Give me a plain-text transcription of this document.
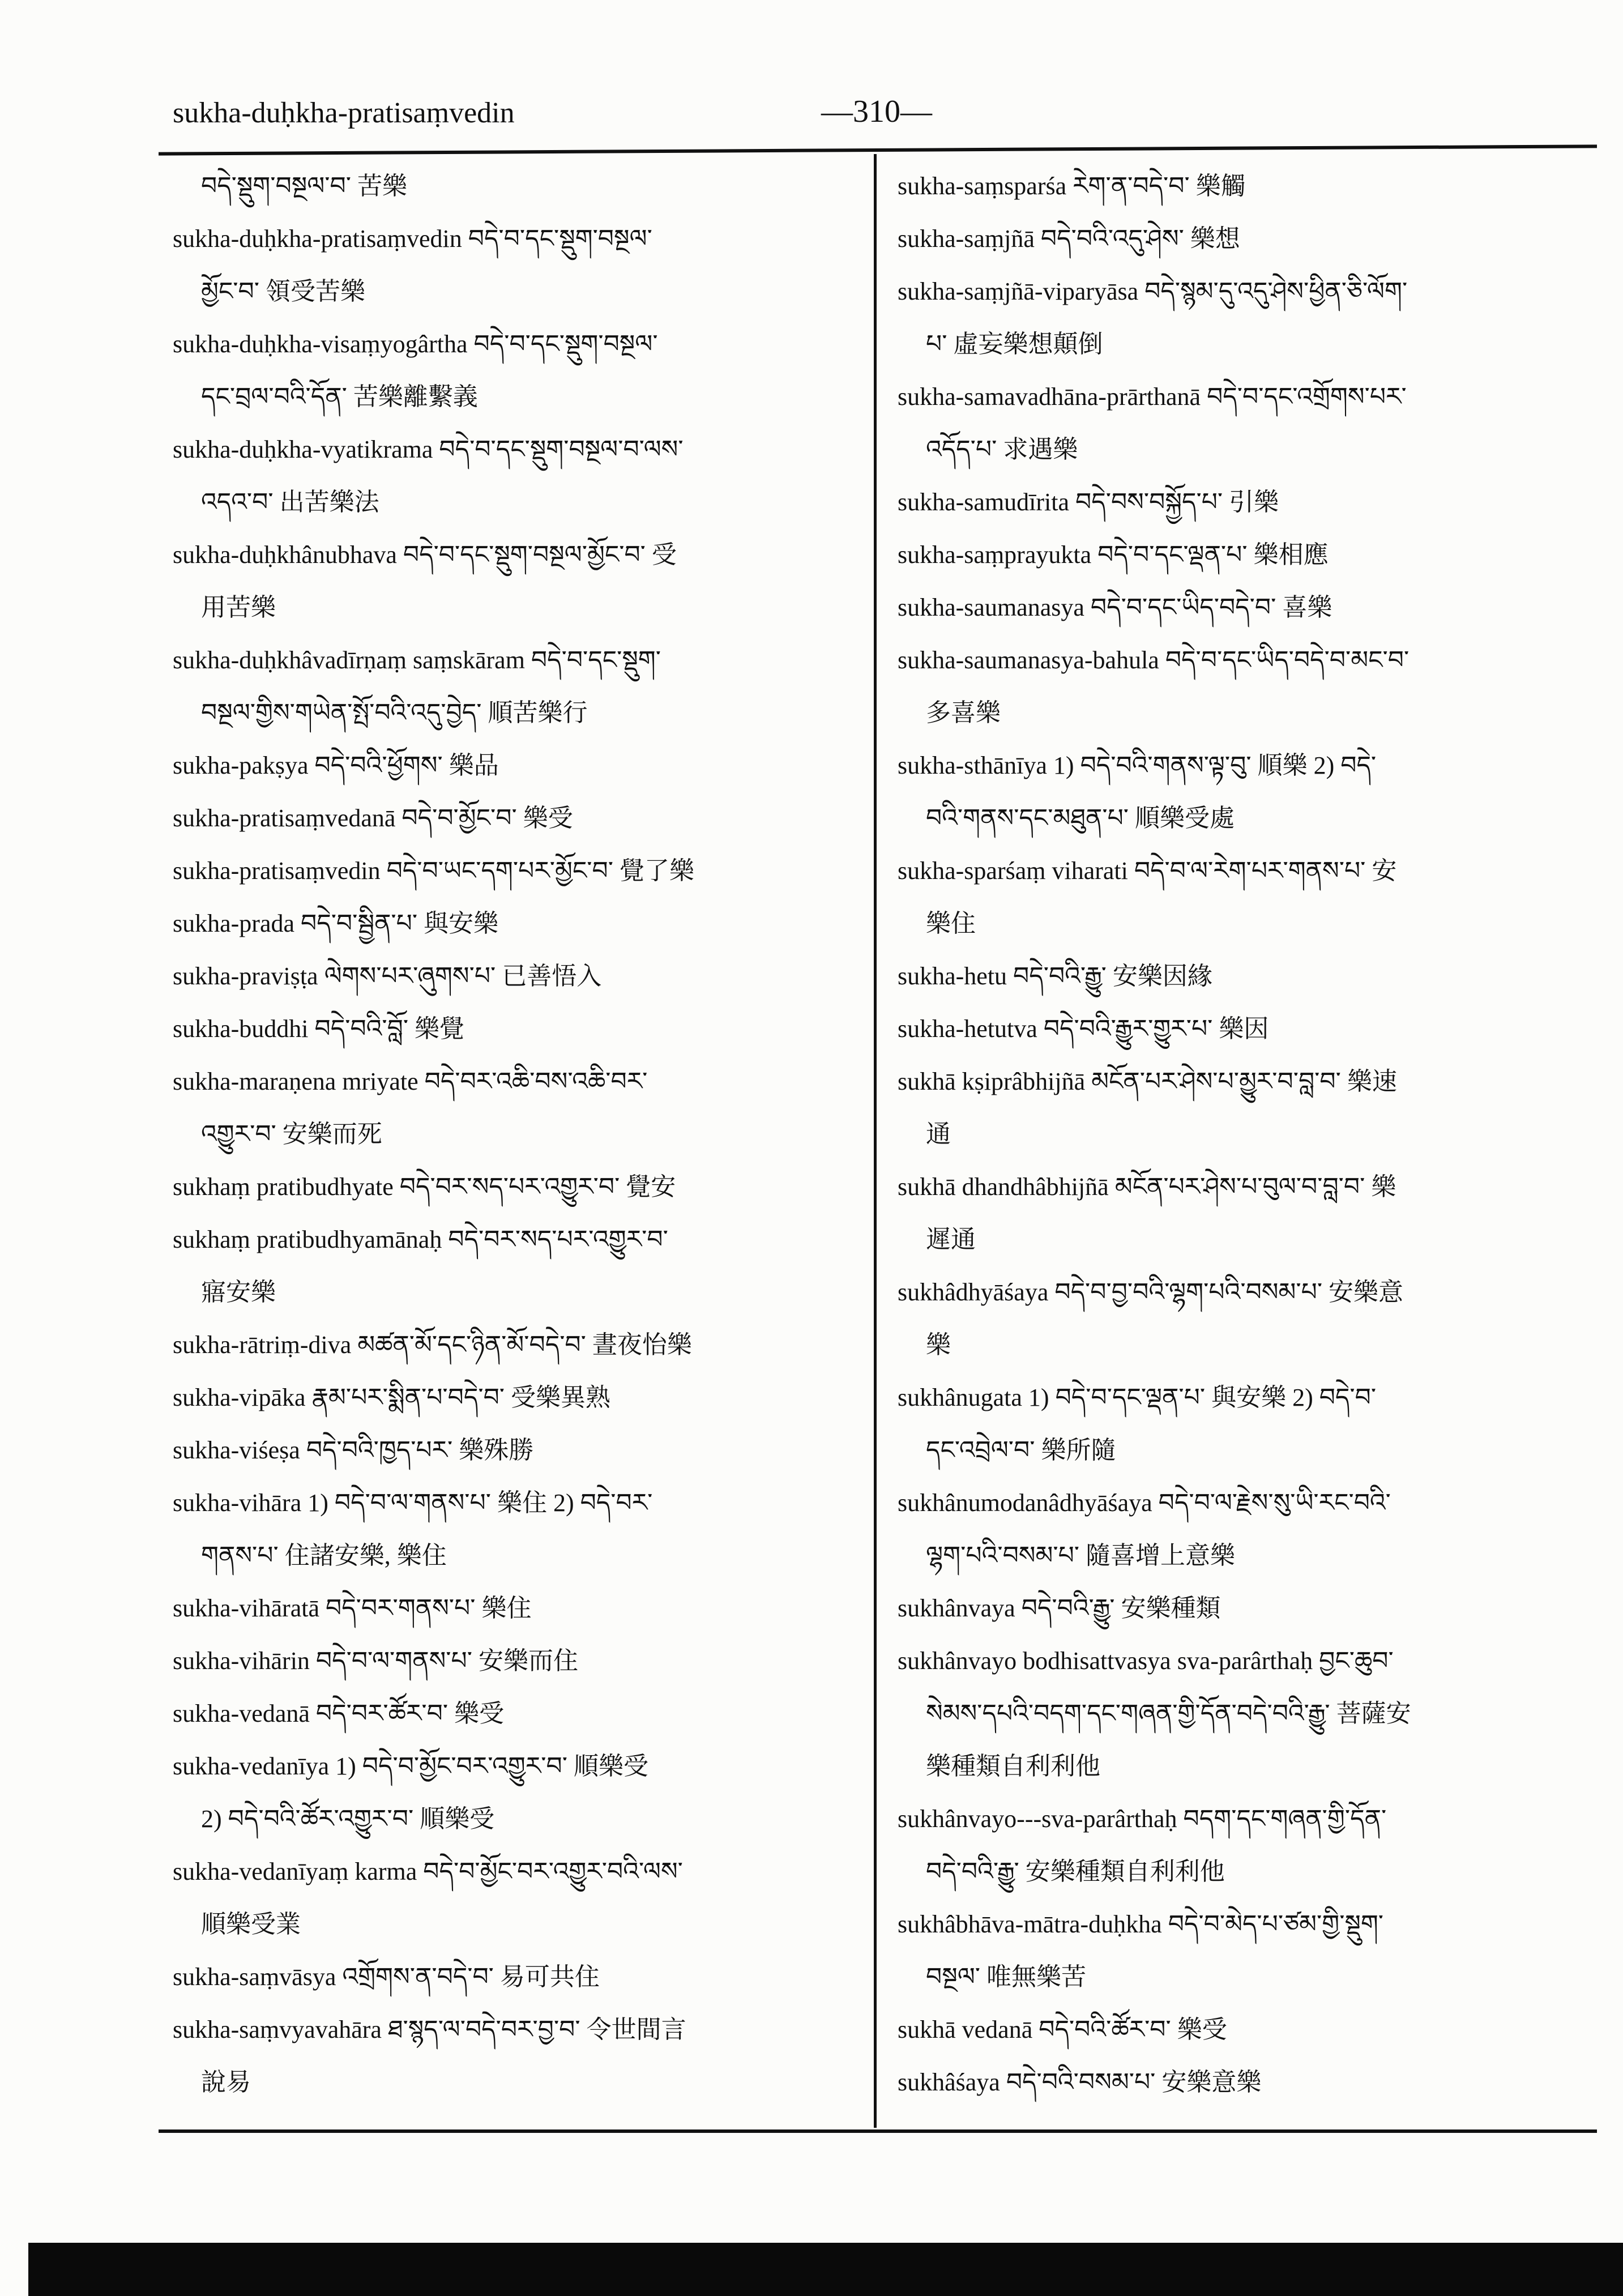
sukha-duḥkha-pratisaṃvedin	—310—
བདེ་སྡུག་བསྔལ་བ་ 苦樂
sukha-duḥkha-pratisaṃvedin བདེ་བ་དང་སྡུག་བསྔལ་
མྱོང་བ་ 領受苦樂
sukha-duḥkha-visaṃyogârtha བདེ་བ་དང་སྡུག་བསྔལ་
དང་བྲལ་བའི་དོན་ 苦樂離繫義
sukha-duḥkha-vyatikrama བདེ་བ་དང་སྡུག་བསྔལ་བ་ལས་
འདའ་བ་ 出苦樂法
sukha-duḥkhânubhava བདེ་བ་དང་སྡུག་བསྔལ་མྱོང་བ་ 受
用苦樂
sukha-duḥkhâvadīrṇaṃ saṃskāram བདེ་བ་དང་སྡུག་
བསྔལ་གྱིས་གཡེན་སྤོ་བའི་འདུ་བྱེད་ 順苦樂行
sukha-pakṣya བདེ་བའི་ཕྱོགས་ 樂品
sukha-pratisaṃvedanā བདེ་བ་མྱོང་བ་ 樂受
sukha-pratisaṃvedin བདེ་བ་ཡང་དག་པར་མྱོང་བ་ 覺了樂
sukha-prada བདེ་བ་སྦྱིན་པ་ 與安樂
sukha-praviṣṭa ལེགས་པར་ཞུགས་པ་ 已善悟入
sukha-buddhi བདེ་བའི་བློ་ 樂覺
sukha-maraṇena mriyate བདེ་བར་འཆི་བས་འཆི་བར་
འགྱུར་བ་ 安樂而死
sukhaṃ pratibudhyate བདེ་བར་སད་པར་འགྱུར་བ་ 覺安
sukhaṃ pratibudhyamānaḥ བདེ་བར་སད་པར་འགྱུར་བ་
寤安樂
sukha-rātriṃ-diva མཚན་མོ་དང་ཉིན་མོ་བདེ་བ་ 晝夜怡樂
sukha-vipāka རྣམ་པར་སྨིན་པ་བདེ་བ་ 受樂異熟
sukha-viśeṣa བདེ་བའི་ཁྱད་པར་ 樂殊勝
sukha-vihāra 1) བདེ་བ་ལ་གནས་པ་ 樂住 2) བདེ་བར་
གནས་པ་ 住諸安樂, 樂住
sukha-vihāratā བདེ་བར་གནས་པ་ 樂住
sukha-vihārin བདེ་བ་ལ་གནས་པ་ 安樂而住
sukha-vedanā བདེ་བར་ཚོར་བ་ 樂受
sukha-vedanīya 1) བདེ་བ་མྱོང་བར་འགྱུར་བ་ 順樂受
2) བདེ་བའི་ཚོར་འགྱུར་བ་ 順樂受
sukha-vedanīyaṃ karma བདེ་བ་མྱོང་བར་འགྱུར་བའི་ལས་
順樂受業
sukha-saṃvāsya འགྲོགས་ན་བདེ་བ་ 易可共住
sukha-saṃvyavahāra ཐ་སྙད་ལ་བདེ་བར་བྱ་བ་ 令世間言
說易
sukha-saṃsparśa རེག་ན་བདེ་བ་ 樂觸
sukha-saṃjñā བདེ་བའི་འདུ་ཤེས་ 樂想
sukha-saṃjñā-viparyāsa བདེ་སྙམ་དུ་འདུ་ཤེས་ཕྱིན་ཅི་ལོག་
པ་ 虛妄樂想顛倒
sukha-samavadhāna-prārthanā བདེ་བ་དང་འགྲོགས་པར་
འདོད་པ་ 求遇樂
sukha-samudīrita བདེ་བས་བསྐྱོད་པ་ 引樂
sukha-saṃprayukta བདེ་བ་དང་ལྡན་པ་ 樂相應
sukha-saumanasya བདེ་བ་དང་ཡིད་བདེ་བ་ 喜樂
sukha-saumanasya-bahula བདེ་བ་དང་ཡིད་བདེ་བ་མང་བ་
多喜樂
sukha-sthānīya 1) བདེ་བའི་གནས་ལྟ་བུ་ 順樂 2) བདེ་
བའི་གནས་དང་མཐུན་པ་ 順樂受處
sukha-sparśaṃ viharati བདེ་བ་ལ་རེག་པར་གནས་པ་ 安
樂住
sukha-hetu བདེ་བའི་རྒྱུ་ 安樂因緣
sukha-hetutva བདེ་བའི་རྒྱུར་གྱུར་པ་ 樂因
sukhā kṣiprâbhijñā མངོན་པར་ཤེས་པ་མྱུར་བ་བླ་བ་ 樂速
通
sukhā dhandhâbhijñā མངོན་པར་ཤེས་པ་བུལ་བ་བླ་བ་ 樂
遲通
sukhâdhyāśaya བདེ་བ་བྱ་བའི་ལྷག་པའི་བསམ་པ་ 安樂意
樂
sukhânugata 1) བདེ་བ་དང་ལྡན་པ་ 與安樂 2) བདེ་བ་
དང་འབྲེལ་བ་ 樂所隨
sukhânumodanâdhyāśaya བདེ་བ་ལ་རྗེས་སུ་ཡི་རང་བའི་
ལྷག་པའི་བསམ་པ་ 隨喜增上意樂
sukhânvaya བདེ་བའི་རྒྱུ་ 安樂種類
sukhânvayo bodhisattvasya sva-parârthaḥ བྱང་ཆུབ་
སེམས་དཔའི་བདག་དང་གཞན་གྱི་དོན་བདེ་བའི་རྒྱུ་ 菩薩安
樂種類自利利他
sukhânvayo---sva-parârthaḥ བདག་དང་གཞན་གྱི་དོན་
བདེ་བའི་རྒྱུ་ 安樂種類自利利他
sukhâbhāva-mātra-duḥkha བདེ་བ་མེད་པ་ཙམ་གྱི་སྡུག་
བསྔལ་ 唯無樂苦
sukhā vedanā བདེ་བའི་ཚོར་བ་ 樂受
sukhâśaya བདེ་བའི་བསམ་པ་ 安樂意樂
